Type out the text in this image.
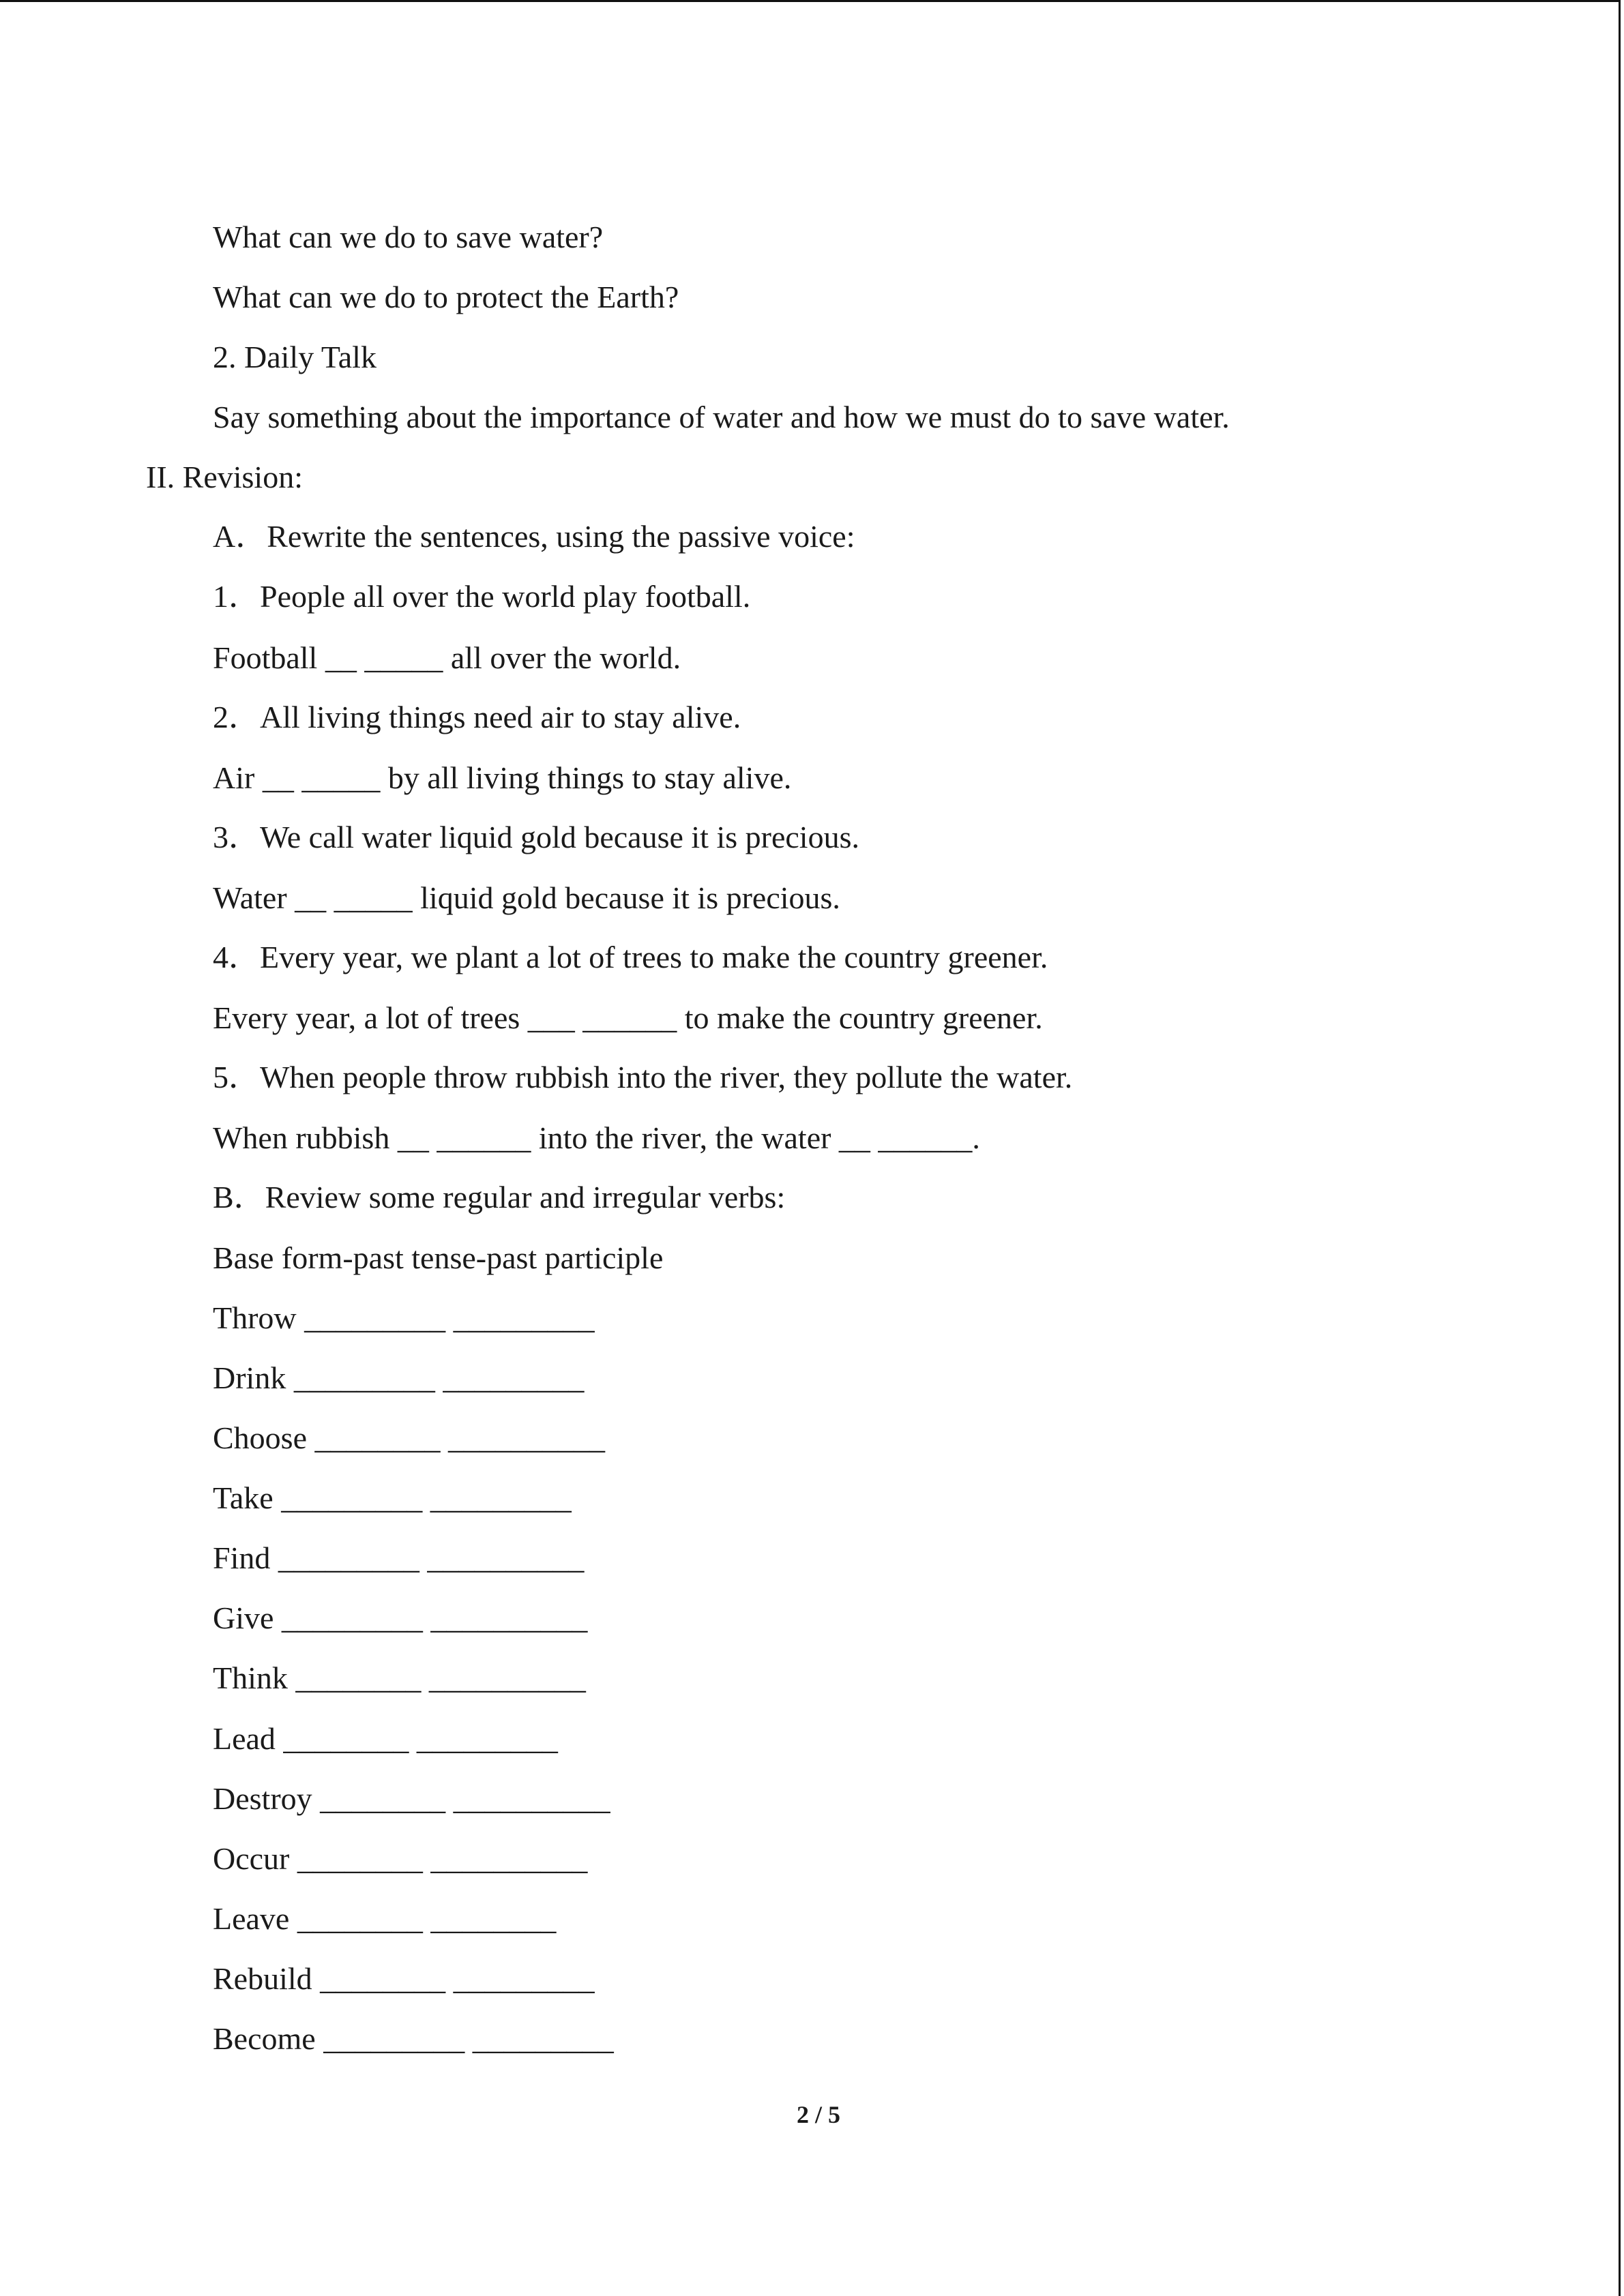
What can we do to save water?
What can we do to protect the Earth?
2. Daily Talk
Say something about the importance of water and how we must do to save water.
II. Revision:
A．Rewrite the sentences, using the passive voice:
1．People all over the world play football.
Football __ _____ all over the world.
2．All living things need air to stay alive.
Air __ _____ by all living things to stay alive.
3．We call water liquid gold because it is precious.
Water __ _____ liquid gold because it is precious.
4．Every year, we plant a lot of trees to make the country greener.
Every year, a lot of trees ___ ______ to make the country greener.
5．When people throw rubbish into the river, they pollute the water.
When rubbish __ ______ into the river, the water __ ______.
B．Review some regular and irregular verbs:
Base form-past tense-past participle
Throw _________ _________
Drink _________ _________
Choose ________ __________
Take _________ _________
Find _________ __________
Give _________ __________
Think ________ __________
Lead ________ _________
Destroy ________ __________
Occur ________ __________
Leave ________ ________
Rebuild ________ _________
Become _________ _________
2 / 5
